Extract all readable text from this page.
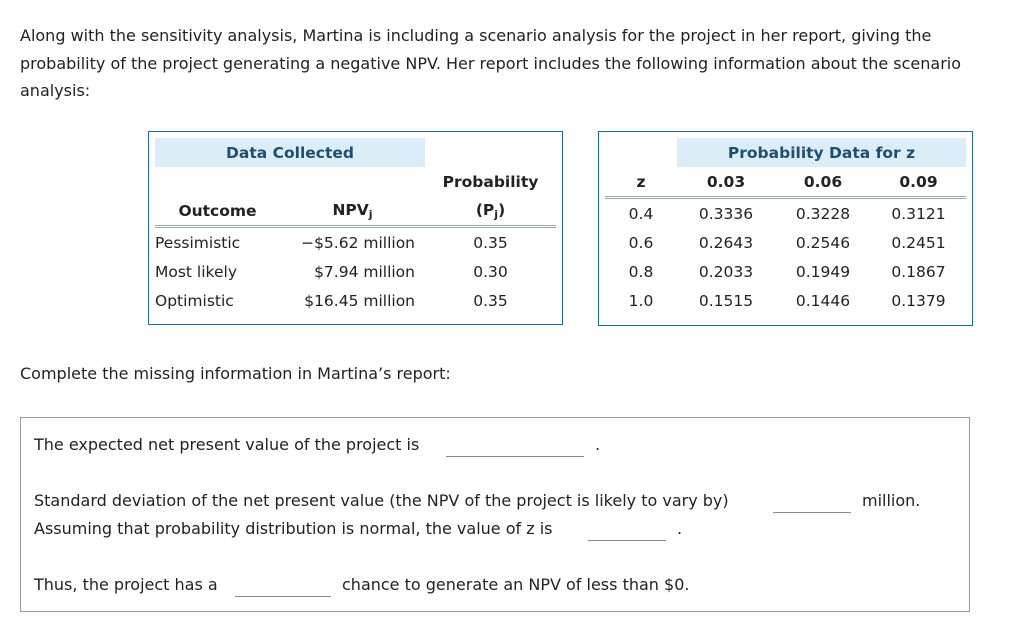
Along with the sensitivity analysis, Martina is including a scenario analysis for the project in her report, giving the probability of the project generating a negative NPV. Her report includes the following information about the scenario analysis:

Data Collected		
		Probability
Outcome	$NPV_j$	$(P_j)$

Pessimistic	−$5.62 million	0.35
Most likely	$7.94 million	0.30
Optimistic	$16.45 million	0.35
	Probability Data for z		
z	0.03	0.06	0.09

0.4	0.3336	0.3228	0.3121
0.6	0.2643	0.2546	0.2451
0.8	0.2033	0.1949	0.1867
1.0	0.1515	0.1446	0.1379

Complete the missing information in Martina’s report:

The expected net present value of the project is	.
Standard deviation of the net present value (the NPV of the project is likely to vary by)	million.
Assuming that probability distribution is normal, the value of z is	.
Thus, the project has a	chance to generate an NPV of less than $0.
